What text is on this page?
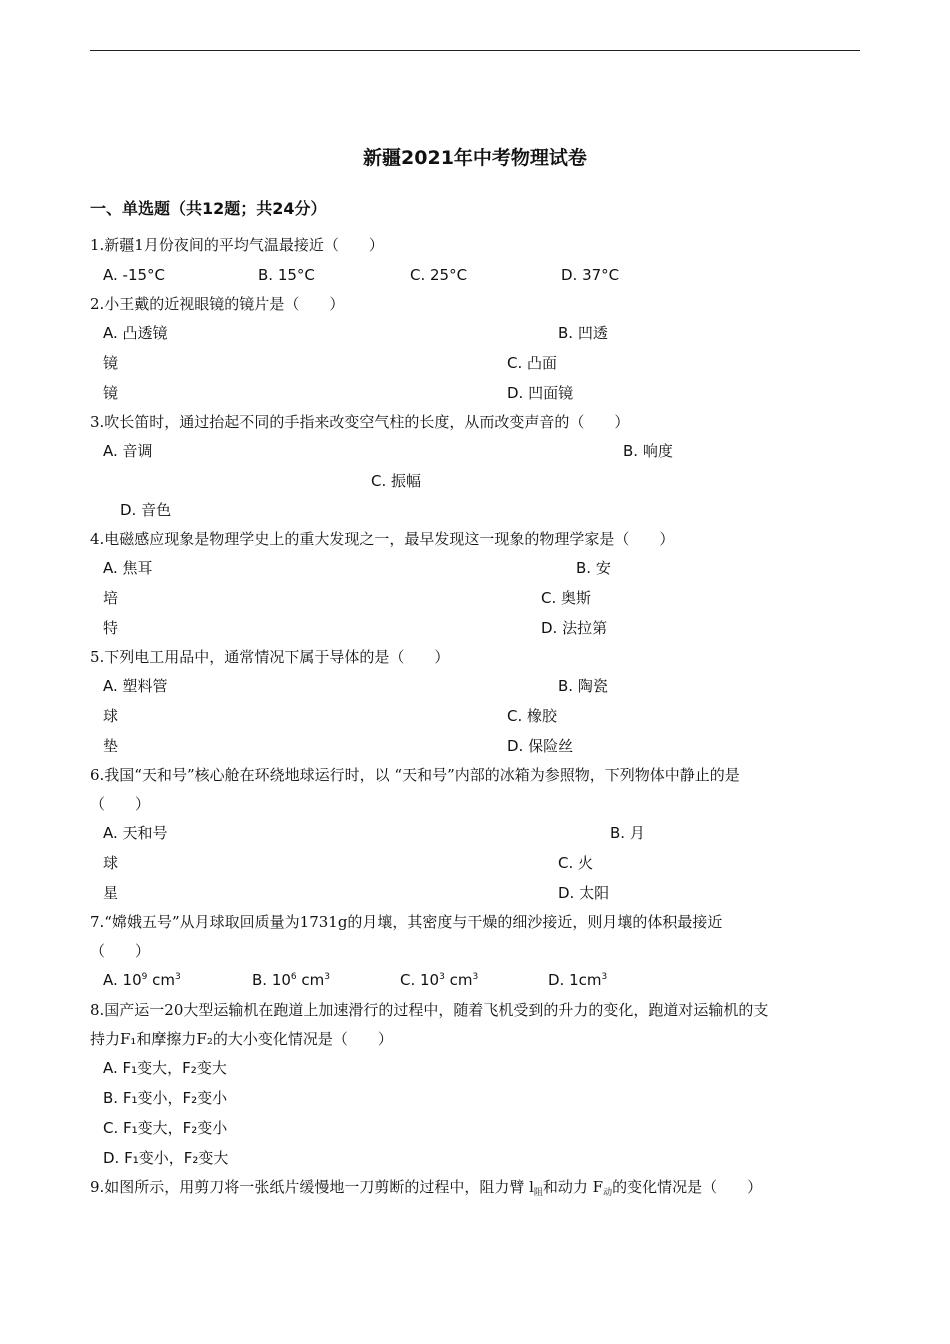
新疆2021年中考物理试卷
一、单选题（共12题；共24分）
1.新疆1月份夜间的平均气温最接近（　　）
A. -15°C	B. 15°C	C. 25°C	D. 37°C
2.小王戴的近视眼镜的镜片是（　　）
A. 凸透镜	B. 凹透
镜	C. 凸面
镜	D. 凹面镜
3.吹长笛时，通过抬起不同的手指来改变空气柱的长度，从而改变声音的（　　）
A. 音调	B. 响度
C. 振幅
D. 音色
4.电磁感应现象是物理学史上的重大发现之一，最早发现这一现象的物理学家是（　　）
A. 焦耳	B. 安
培	C. 奥斯
特	D. 法拉第
5.下列电工用品中，通常情况下属于导体的是（　　）
A. 塑料管	B. 陶瓷
球	C. 橡胶
垫	D. 保险丝
6.我国“天和号”核心舱在环绕地球运行时，以 “天和号”内部的冰箱为参照物，下列物体中静止的是
（　　）
A. 天和号	B. 月
球	C. 火
星	D. 太阳
7.“嫦娥五号”从月球取回质量为1731g的月壤，其密度与干燥的细沙接近，则月壤的体积最接近
（　　）
A. $10^9$ $cm^3$	B. $10^6$ $cm^3$	C. $10^3$ $cm^3$	D. $1cm^3$
8.国产运一20大型运输机在跑道上加速滑行的过程中，随着飞机受到的升力的变化，跑道对运输机的支
持力F₁和摩擦力F₂的大小变化情况是（　　）
A. F₁变大，F₂变大
B. F₁变小，F₂变小
C. F₁变大，F₂变小
D. F₁变小，F₂变大
9.如图所示，用剪刀将一张纸片缓慢地一刀剪断的过程中，阻力臂 $l_阻$和动力 $F_动$的变化情况是（　　）
